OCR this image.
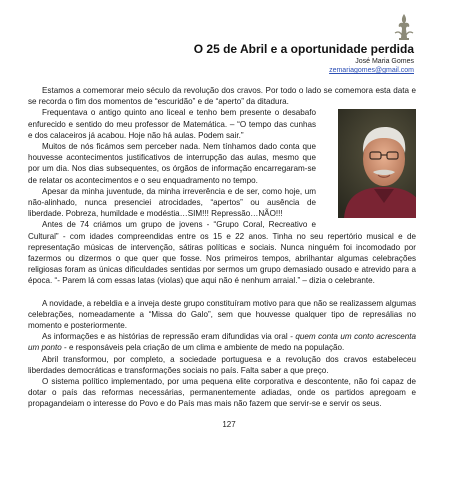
O 25 de Abril e a oportunidade perdida
José Maria Gomes
zemariagomes@gmail.com

Estamos a comemorar meio século da revolução dos cravos. Por todo o lado se comemora esta data e se recorda o fim dos momentos de “escuridão” e de “aperto” da ditadura.

Frequentava o antigo quinto ano liceal e tenho bem presente o desabafo enfurecido e sentido do meu professor de Matemática. – “O tempo das cunhas e dos calaceiros já acabou. Hoje não há aulas. Podem sair.”

Muitos de nós ficámos sem perceber nada. Nem tínhamos dado conta que houvesse acontecimentos justificativos de interrupção das aulas, mesmo que por um dia. Nos dias subsequentes, os órgãos de informação encarregaram-se de relatar os acontecimentos e o seu enquadramento no tempo.

Apesar da minha juventude, da minha irreverência e de ser, como hoje, um não-alinhado, nunca presenciei atrocidades, “apertos” ou ausência de liberdade. Pobreza, humildade e modéstia…SIM!!! Repressão…NÃO!!!

Antes de 74 criámos um grupo de jovens - “Grupo Coral, Recreativo e Cultural” - com idades compreendidas entre os 15 e 22 anos. Tinha no seu repertório musical e de representação músicas de intervenção, sátiras políticas e sociais. Nunca ninguém foi incomodado por fazermos ou dizermos o que quer que fosse. Nos primeiros tempos, abrilhantar algumas celebrações religiosas foram as únicas dificuldades sentidas por sermos um grupo demasiado ousado e atrevido para a época. “- Parem lá com essas latas (violas) que aqui não é nenhum arraial.” – dizia o celebrante.

A novidade, a rebeldia e a inveja deste grupo constituíram motivo para que não se realizassem algumas celebrações, nomeadamente a “Missa do Galo”, sem que houvesse qualquer tipo de represálias no momento e posteriormente.

As informações e as histórias de repressão eram difundidas via oral - quem conta um conto acrescenta um ponto - e responsáveis pela criação de um clima e ambiente de medo na população.

Abril transformou, por completo, a sociedade portuguesa e a revolução dos cravos estabeleceu liberdades democráticas e transformações sociais no país. Falta saber a que preço.

O sistema político implementado, por uma pequena elite corporativa e descontente, não foi capaz de dotar o país das reformas necessárias, permanentemente adiadas, onde os partidos apregoam e propagandeiam o interesse do Povo e do País mas mais não fazem que servir-se e servir os seus.

127
